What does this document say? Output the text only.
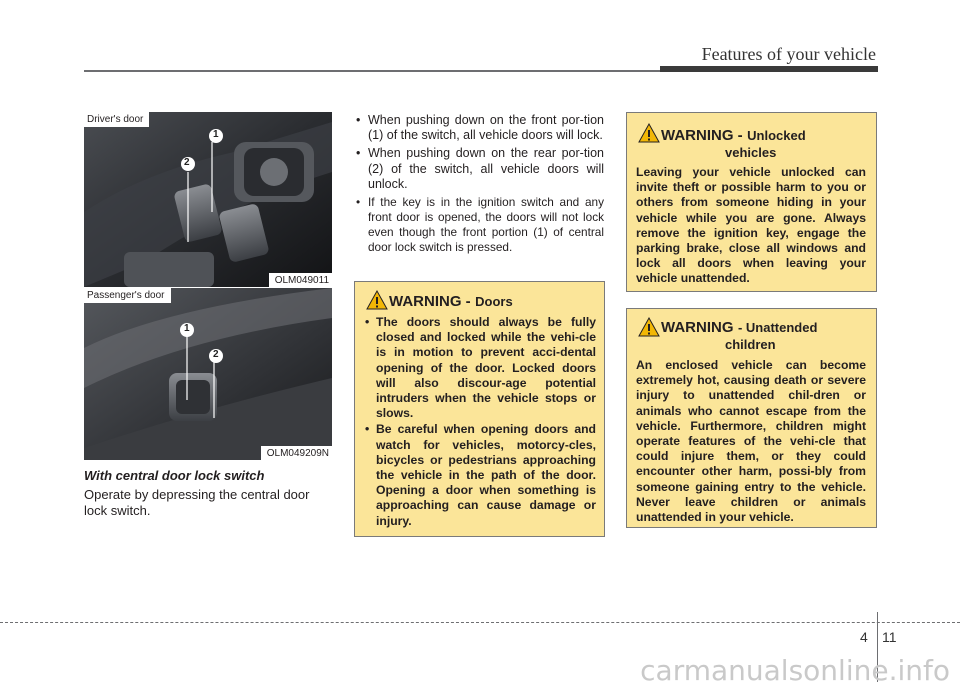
Features of your vehicle
2
1
Driver's door
OLM049011
1
2
Passenger's door
OLM049209N
With central door lock switch
Operate by depressing the central door lock switch.
• When pushing down on the front por-tion (1) of the switch, all vehicle doors will lock.
• When pushing down on the rear por-tion (2) of the switch, all vehicle doors will unlock.
• If the key is in the ignition switch and any front door is opened, the doors will not lock even though the front portion (1) of central door lock switch is pressed.
WARNING - Doors
• The doors should always be fully closed and locked while the vehi-cle is in motion to prevent acci-dental opening of the door. Locked doors will also discour-age potential intruders when the vehicle stops or slows.
• Be careful when opening doors and watch for vehicles, motorcy-cles, bicycles or pedestrians approaching the vehicle in the path of the door. Opening a door when something is approaching can cause damage or injury.
WARNING - Unlocked
vehicles
Leaving your vehicle unlocked can invite theft or possible harm to you or others from someone hiding in your vehicle while you are gone. Always remove the ignition key, engage the parking brake, close all windows and lock all doors when leaving your vehicle unattended.
WARNING - Unattended
children
An enclosed vehicle can become extremely hot, causing death or severe injury to unattended chil-dren or animals who cannot escape from the vehicle. Furthermore, children might operate features of the vehi-cle that could injure them, or they could encounter other harm, possi-bly from someone gaining entry to the vehicle. Never leave children or animals unattended in your vehicle.
4 11
carmanualsonline.info
